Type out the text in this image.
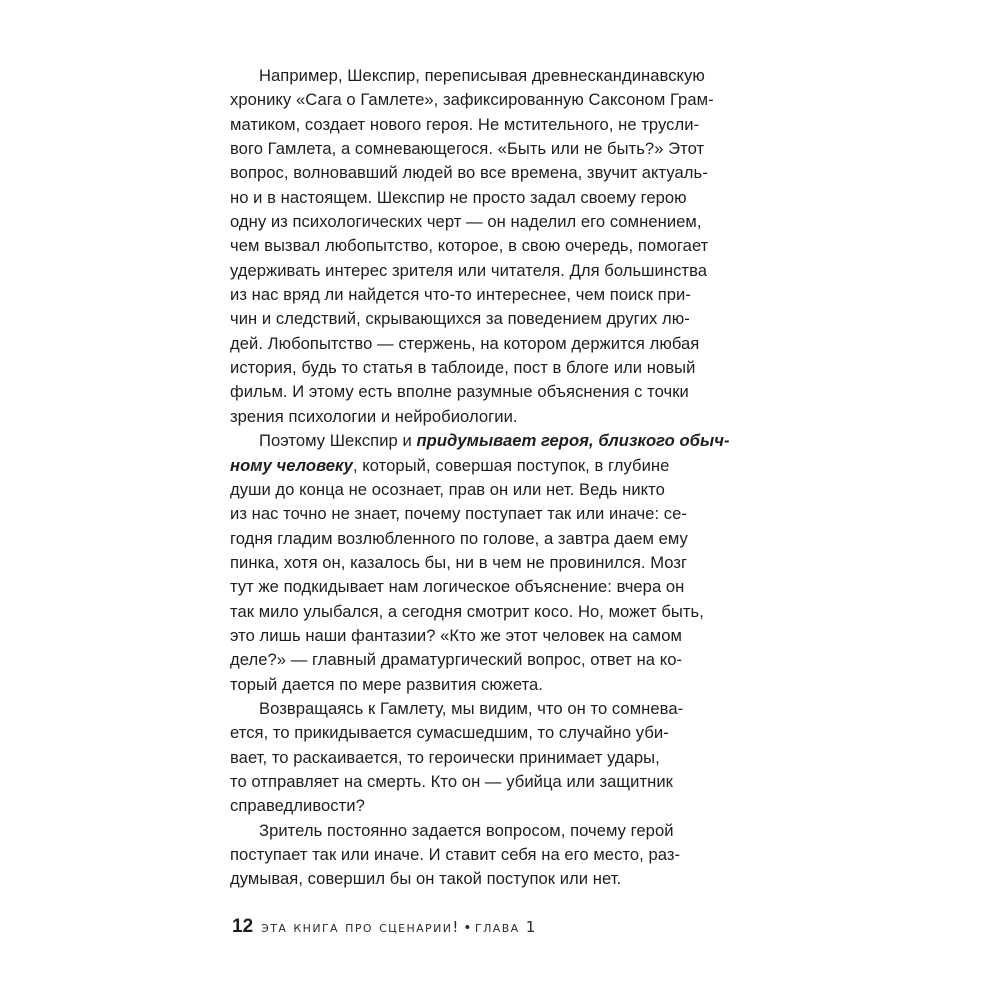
Например, Шекспир, переписывая древнескандинавскую
хронику «Сага о Гамлете», зафиксированную Саксоном Грам-
матиком, создает нового героя. Не мстительного, не трусли-
вого Гамлета, а сомневающегося. «Быть или не быть?» Этот
вопрос, волновавший людей во все времена, звучит актуаль-
но и в настоящем. Шекспир не просто задал своему герою
одну из психологических черт — он наделил его сомнением,
чем вызвал любопытство, которое, в свою очередь, помогает
удерживать интерес зрителя или читателя. Для большинства
из нас вряд ли найдется что-то интереснее, чем поиск при-
чин и следствий, скрывающихся за поведением других лю-
дей. Любопытство — стержень, на котором держится любая
история, будь то статья в таблоиде, пост в блоге или новый
фильм. И этому есть вполне разумные объяснения с точки
зрения психологии и нейробиологии.
Поэтому Шекспир и придумывает героя, близкого обыч-
ному человеку, который, совершая поступок, в глубине
души до конца не осознает, прав он или нет. Ведь никто
из нас точно не знает, почему поступает так или иначе: се-
годня гладим возлюбленного по голове, а завтра даем ему
пинка, хотя он, казалось бы, ни в чем не провинился. Мозг
тут же подкидывает нам логическое объяснение: вчера он
так мило улыбался, а сегодня смотрит косо. Но, может быть,
это лишь наши фантазии? «Кто же этот человек на самом
деле?» — главный драматургический вопрос, ответ на ко-
торый дается по мере развития сюжета.
Возвращаясь к Гамлету, мы видим, что он то сомнева-
ется, то прикидывается сумасшедшим, то случайно уби-
вает, то раскаивается, то героически принимает удары,
то отправляет на смерть. Кто он — убийца или защитник
справедливости?
Зритель постоянно задается вопросом, почему герой
поступает так или иначе. И ставит себя на его место, раз-
думывая, совершил бы он такой поступок или нет.
12 эта книга про сценарии! • глава 1
